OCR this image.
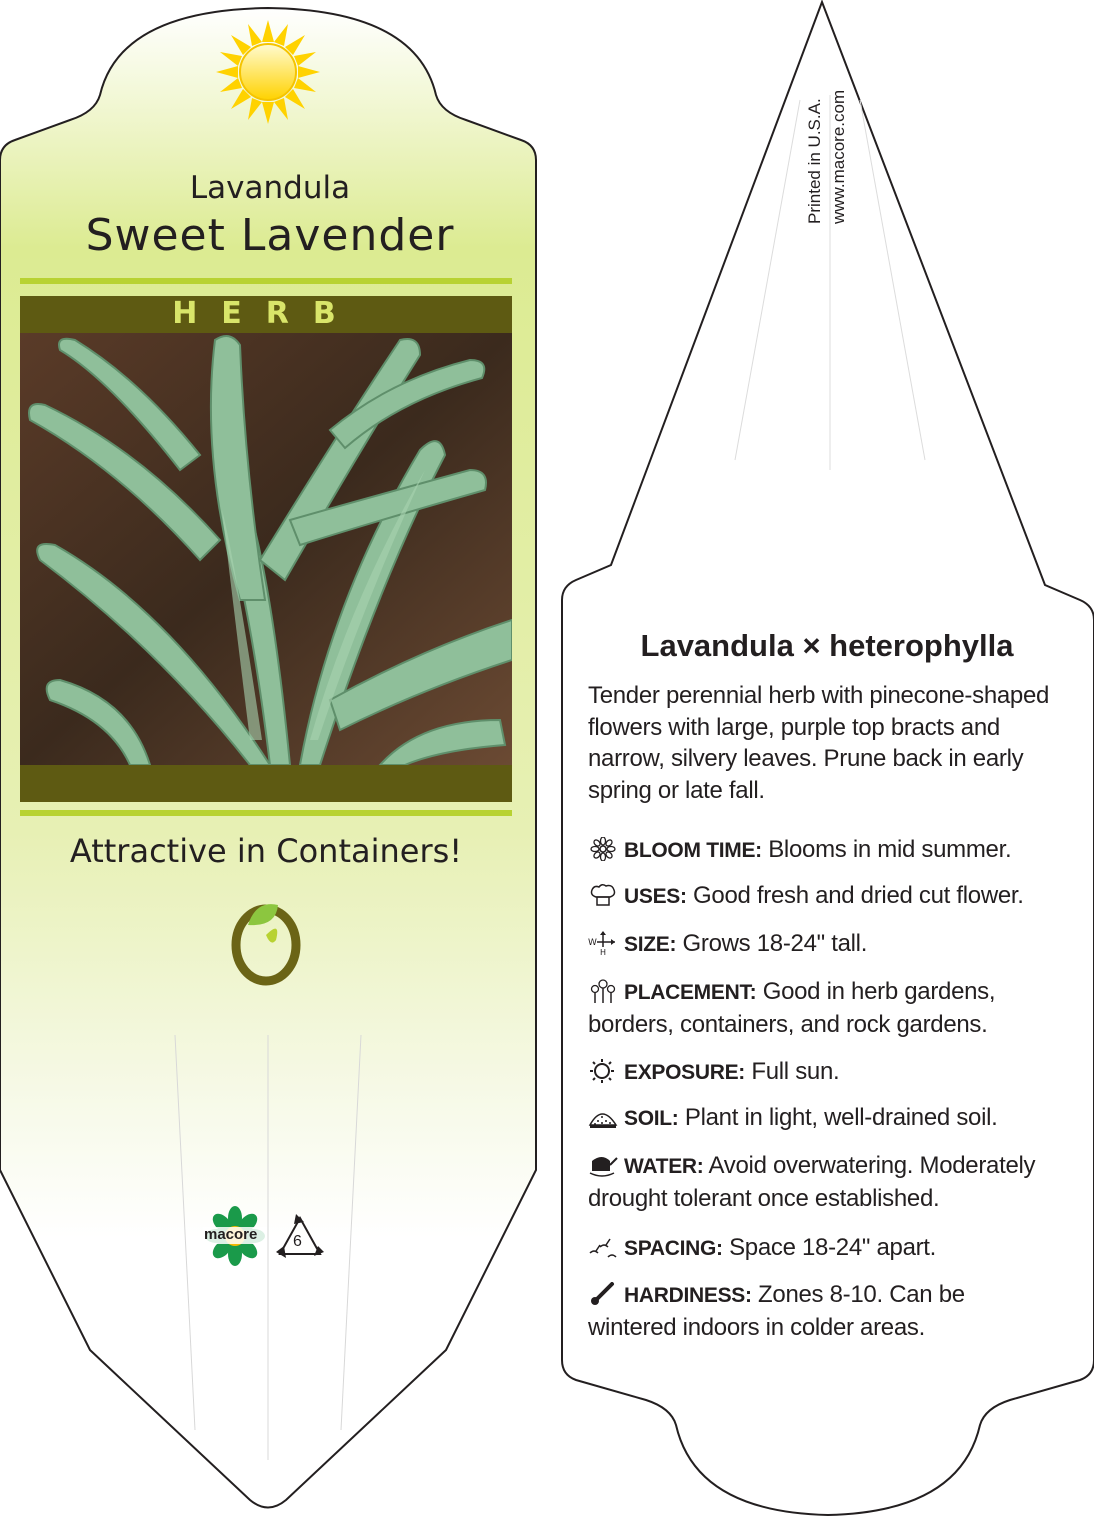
Lavandula
Sweet Lavender
HERB
Attractive in Containers!
macore 6
Printed in U.S.A. www.macore.com
Lavandula × heterophylla
Tender perennial herb with pinecone-shaped flowers with large, purple top bracts and narrow, silvery leaves. Prune back in early spring or late fall.
BLOOM TIME: Blooms in mid summer.
USES: Good fresh and dried cut flower.
W
H SIZE: Grows 18-24" tall.
PLACEMENT: Good in herb gardens, borders, containers, and rock gardens.
EXPOSURE: Full sun.
SOIL: Plant in light, well-drained soil.
WATER: Avoid overwatering. Moderately drought tolerant once established.
SPACING: Space 18-24" apart.
HARDINESS: Zones 8-10. Can be wintered indoors in colder areas.
